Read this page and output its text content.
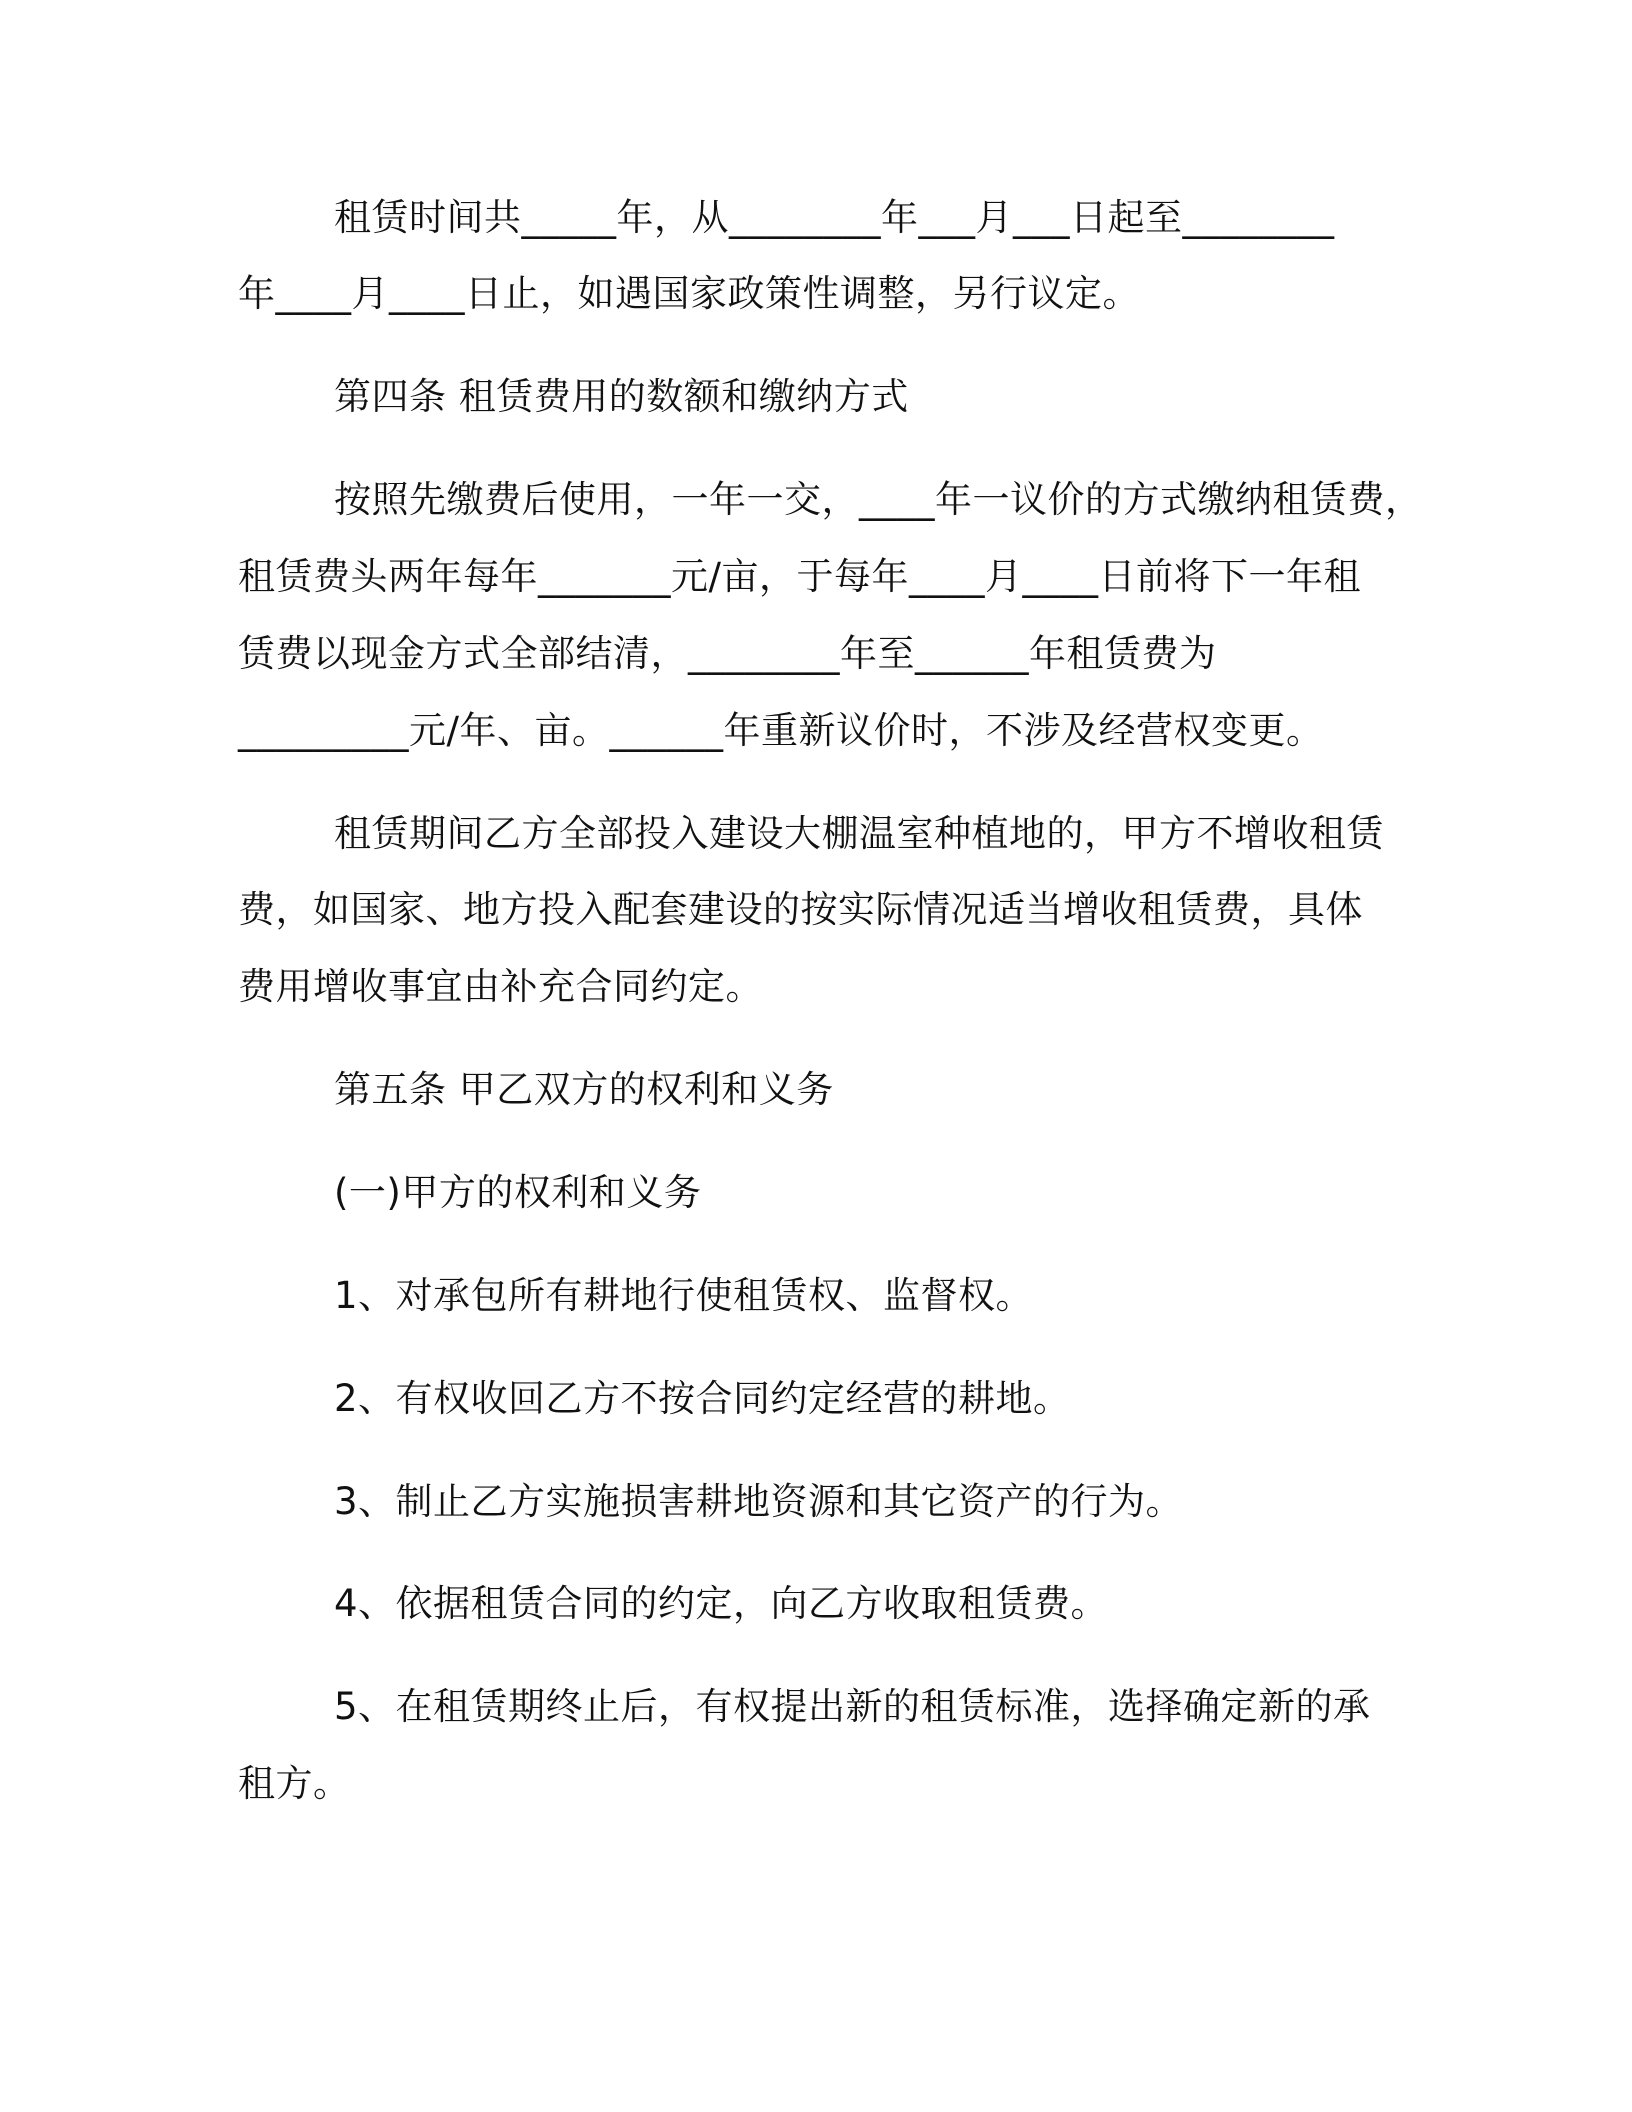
租赁时间共_____年，从________年___月___日起至________
年____月____日止，如遇国家政策性调整，另行议定。
第四条 租赁费用的数额和缴纳方式
按照先缴费后使用，一年一交，____年一议价的方式缴纳租赁费，
租赁费头两年每年_______元/亩，于每年____月____日前将下一年租
赁费以现金方式全部结清，________年至______年租赁费为
_________元/年、亩。______年重新议价时，不涉及经营权变更。
租赁期间乙方全部投入建设大棚温室种植地的，甲方不增收租赁
费，如国家、地方投入配套建设的按实际情况适当增收租赁费，具体
费用增收事宜由补充合同约定。
第五条 甲乙双方的权利和义务
(一)甲方的权利和义务
1、对承包所有耕地行使租赁权、监督权。
2、有权收回乙方不按合同约定经营的耕地。
3、制止乙方实施损害耕地资源和其它资产的行为。
4、依据租赁合同的约定，向乙方收取租赁费。
5、在租赁期终止后，有权提出新的租赁标准，选择确定新的承
租方。
